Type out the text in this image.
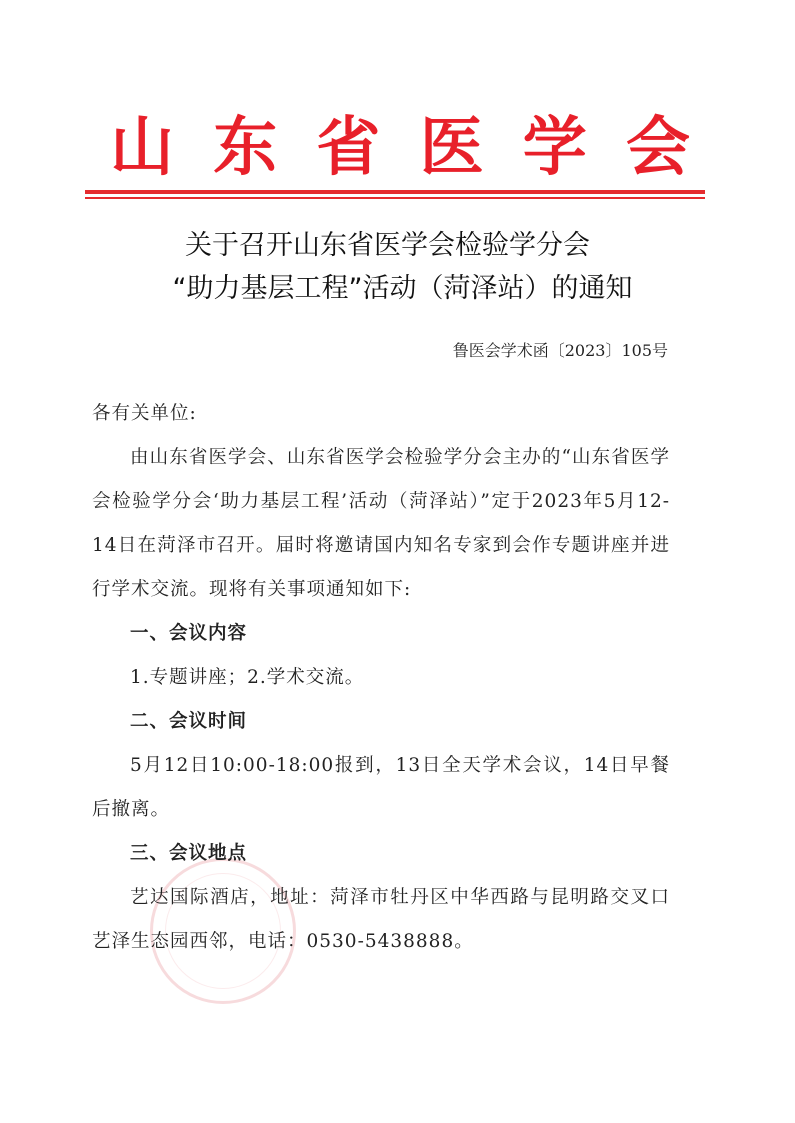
山 东 省 医 学 会
关于召开山东省医学会检验学分会
“助力基层工程”活动（菏泽站）的通知
鲁医会学术函〔2023〕105号

各有关单位:

由山东省医学会、山东省医学会检验学分会主办的“山东省医学会检验学分会‘助力基层工程’活动（菏泽站）”定于2023年5月12-14日在菏泽市召开。届时将邀请国内知名专家到会作专题讲座并进行学术交流。现将有关事项通知如下:

一、会议内容

1.专题讲座；2.学术交流。

二、会议时间

5月12日10:00-18:00报到，13日全天学术会议，14日早餐后撤离。

三、会议地点

艺达国际酒店，地址：菏泽市牡丹区中华西路与昆明路交叉口艺泽生态园西邻，电话：0530-5438888。
